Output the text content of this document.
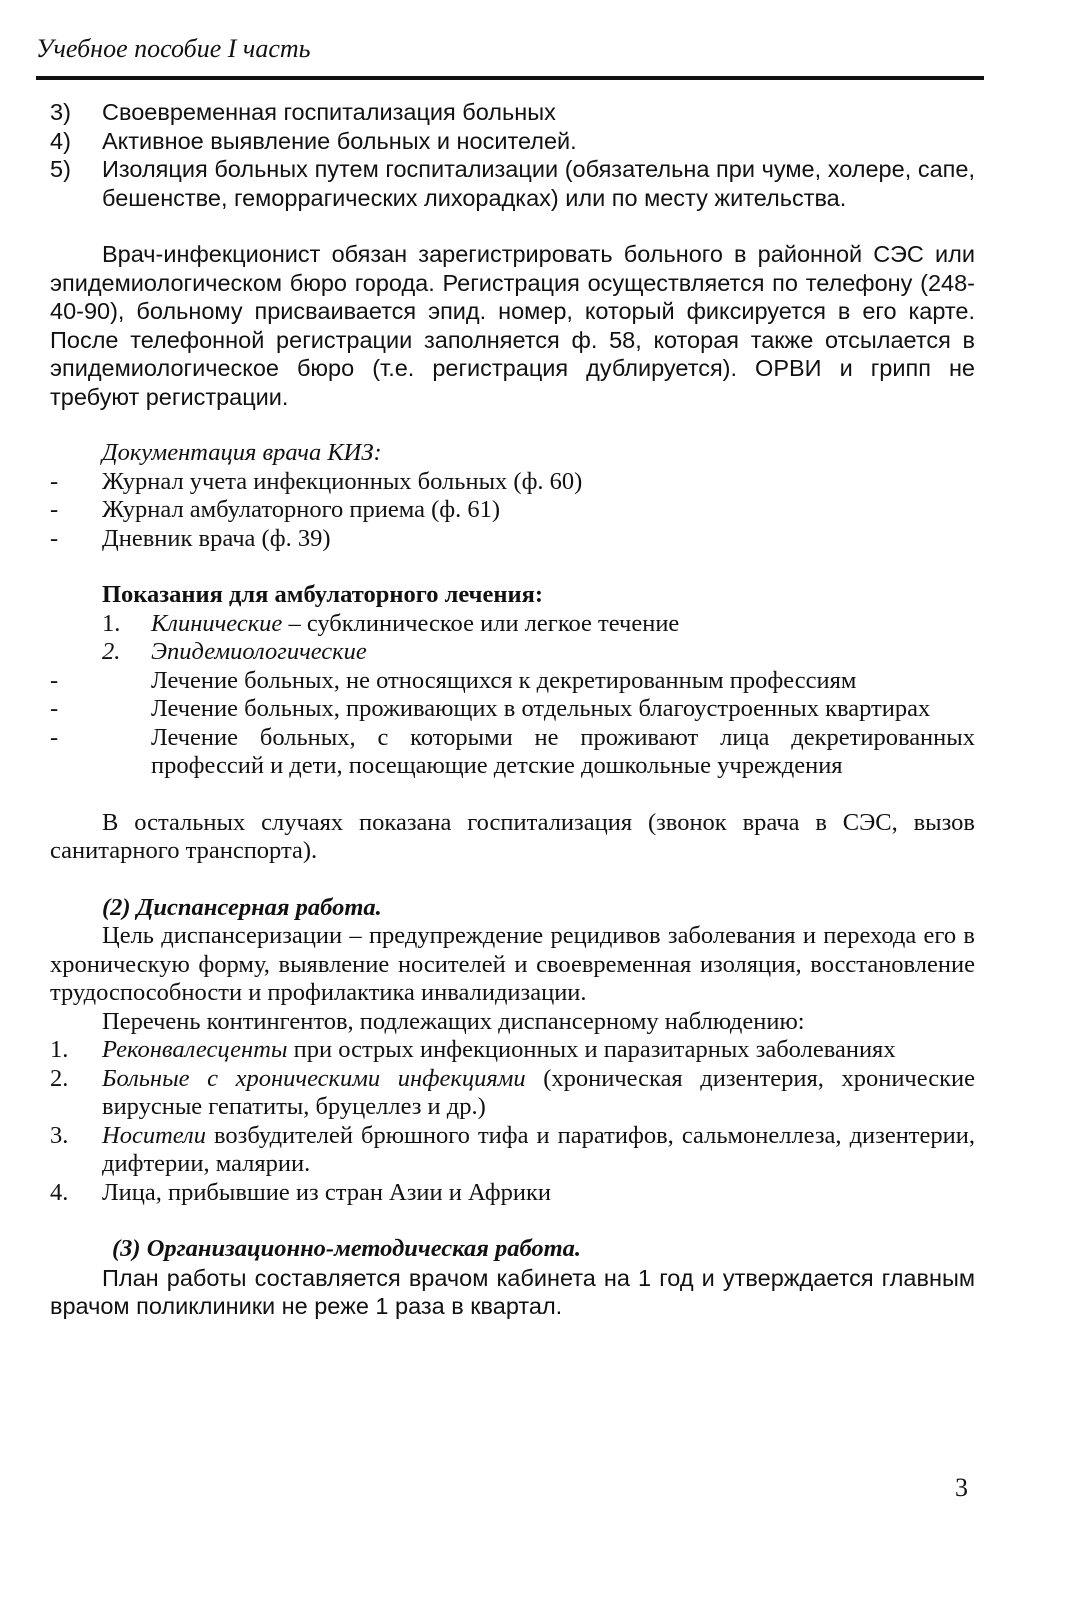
Учебное пособие I часть
3)	Своевременная госпитализация больных
4)	Активное выявление больных и носителей.
5)	Изоляция больных путем госпитализации (обязательна при чуме, холере, сапе, бешенстве, геморрагических лихорадках) или по месту жительства.

Врач-инфекционист обязан зарегистрировать больного в районной СЭС или эпидемиологическом бюро города. Регистрация осуществляется по телефону (248-40-90), больному присваивается эпид. номер, который фиксируется в его карте. После телефонной регистрации заполняется ф. 58, которая также отсылается в эпидемиологическое бюро (т.е. регистрация дублируется). ОРВИ и грипп не требуют регистрации.

Документация врача КИЗ:

-	Журнал учета инфекционных больных (ф. 60)
-	Журнал амбулаторного приема (ф. 61)
-	Дневник врача (ф. 39)

Показания для амбулаторного лечения:

1.	Клинические – субклиническое или легкое течение
2.	Эпидемиологические
-	Лечение больных, не относящихся к декретированным профессиям
-	Лечение больных, проживающих в отдельных благоустроенных квартирах
-	Лечение больных, с которыми не проживают лица декретированных профессий и дети, посещающие детские дошкольные учреждения

В остальных случаях показана госпитализация (звонок врача в СЭС, вызов санитарного транспорта).

(2) Диспансерная работа.

Цель диспансеризации – предупреждение рецидивов заболевания и перехода его в хроническую форму, выявление носителей и своевременная изоляция, восстановление трудоспособности и профилактика инвалидизации.

Перечень контингентов, подлежащих диспансерному наблюдению:

1.	Реконвалесценты при острых инфекционных и паразитарных заболеваниях
2.	Больные с хроническими инфекциями (хроническая дизентерия, хронические вирусные гепатиты, бруцеллез и др.)
3.	Носители возбудителей брюшного тифа и паратифов, сальмонеллеза, дизентерии, дифтерии, малярии.
4.	Лица, прибывшие из стран Азии и Африки

(3) Организационно-методическая работа.

План работы составляется врачом кабинета на 1 год и утверждается главным врачом поликлиники не реже 1 раза в квартал.

3
